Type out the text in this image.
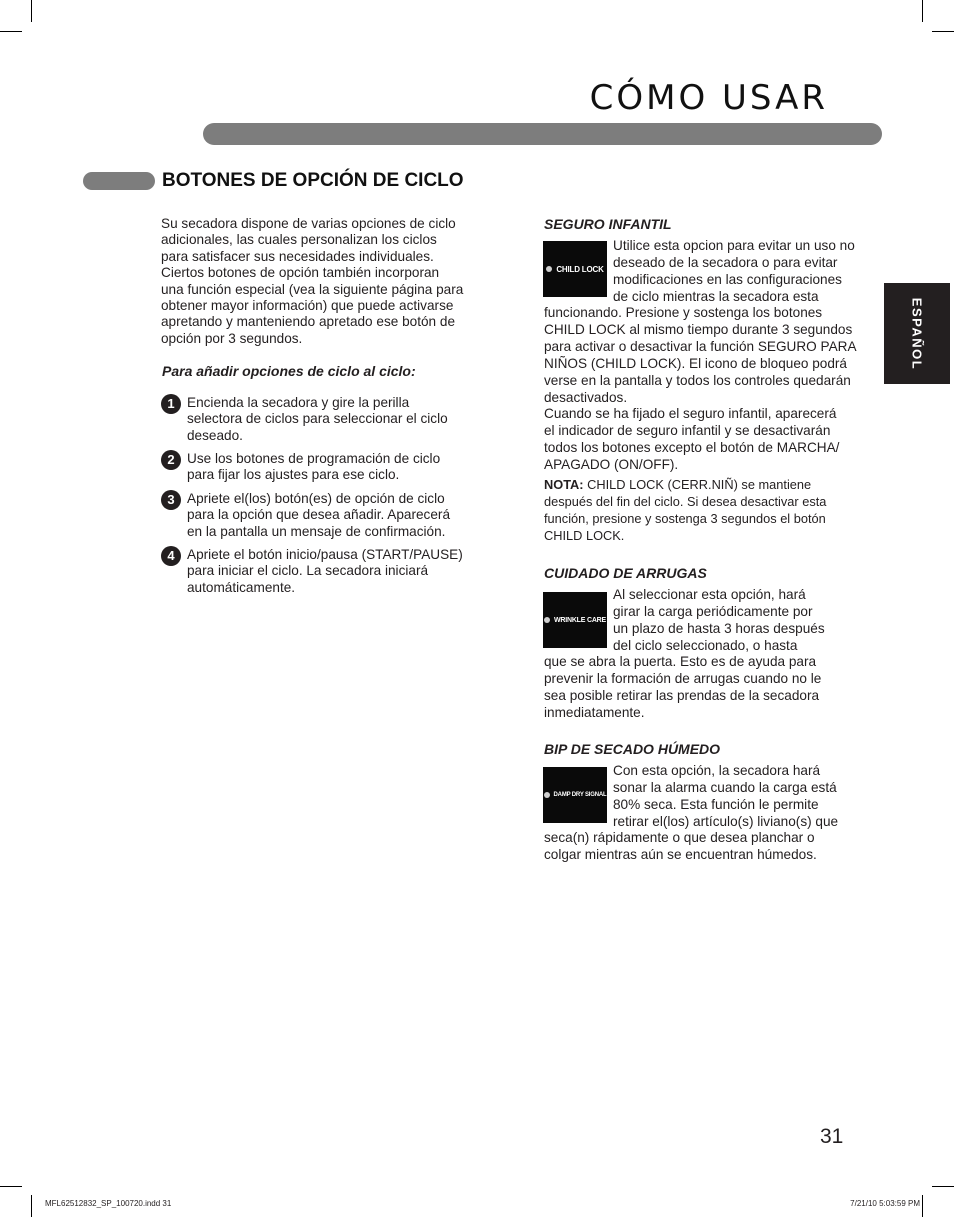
CÓMO USAR
BOTONES DE OPCIÓN DE CICLO
ESPAÑOL
Su secadora dispone de varias opciones de ciclo
adicionales, las cuales personalizan los ciclos
para satisfacer sus necesidades individuales.
Ciertos botones de opción también incorporan
una función especial (vea la siguiente página para
obtener mayor información) que puede activarse
apretando y manteniendo apretado ese botón de
opción por 3 segundos.
Para añadir opciones de ciclo al ciclo:
1 Encienda la secadora y gire la perilla
selectora de ciclos para seleccionar el ciclo
deseado.
2 Use los botones de programación de ciclo
para fijar los ajustes para ese ciclo.
3 Apriete el(los) botón(es) de opción de ciclo
para la opción que desea añadir. Aparecerá
en la pantalla un mensaje de confirmación.
4 Apriete el botón inicio/pausa (START/PAUSE)
para iniciar el ciclo. La secadora iniciará
automáticamente.
SEGURO INFANTIL
CHILD LOCK
Utilice esta opcion para evitar un uso no
deseado de la secadora o para evitar
modificaciones en las configuraciones
de ciclo mientras la secadora esta
funcionando. Presione y sostenga los botones
CHILD LOCK al mismo tiempo durante 3 segundos
para activar o desactivar la función SEGURO PARA
NIÑOS (CHILD LOCK). El icono de bloqueo podrá
verse en la pantalla y todos los controles quedarán
desactivados.
Cuando se ha fijado el seguro infantil, aparecerá
el indicador de seguro infantil y se desactivarán
todos los botones excepto el botón de MARCHA/
APAGADO (ON/OFF).
NOTA: CHILD LOCK (CERR.NIÑ) se mantiene
después del fin del ciclo. Si desea desactivar esta
función, presione y sostenga 3 segundos el botón
CHILD LOCK.
CUIDADO DE ARRUGAS
WRINKLE CARE
Al seleccionar esta opción, hará
girar la carga periódicamente por
un plazo de hasta 3 horas después
del ciclo seleccionado, o hasta
que se abra la puerta. Esto es de ayuda para
prevenir la formación de arrugas cuando no le
sea posible retirar las prendas de la secadora
inmediatamente.
BIP DE SECADO HÚMEDO
DAMP DRY SIGNAL
Con esta opción, la secadora hará
sonar la alarma cuando la carga está
80% seca. Esta función le permite
retirar el(los) artículo(s) liviano(s) que
seca(n) rápidamente o que desea planchar o
colgar mientras aún se encuentran húmedos.
31
MFL62512832_SP_100720.indd 31	7/21/10 5:03:59 PM
